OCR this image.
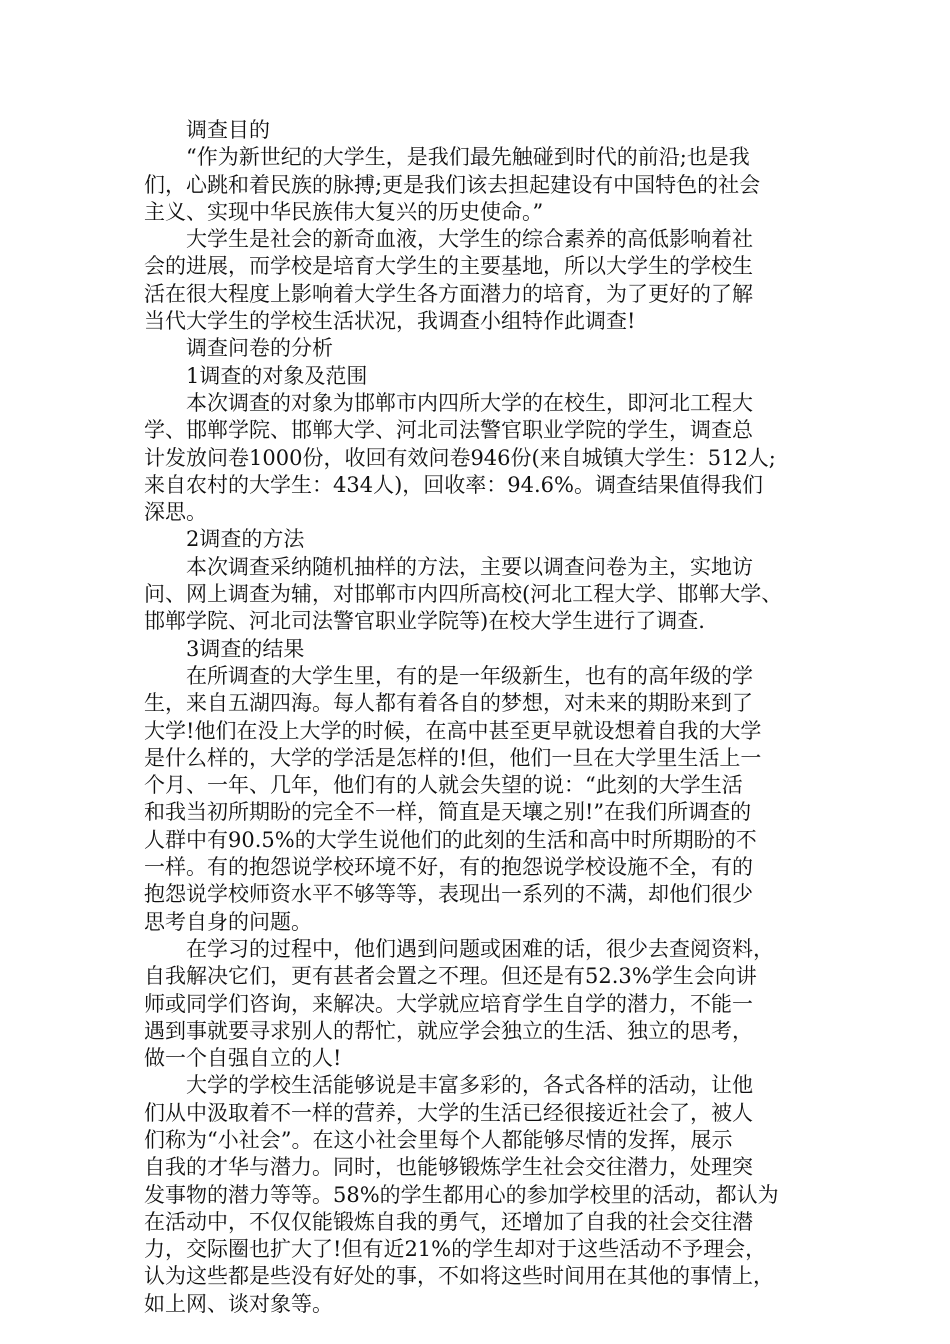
调查目的

“作为新世纪的大学生，是我们最先触碰到时代的前沿;也是我
们，心跳和着民族的脉搏;更是我们该去担起建设有中国特色的社会
主义、实现中华民族伟大复兴的历史使命。”

大学生是社会的新奇血液，大学生的综合素养的高低影响着社
会的进展，而学校是培育大学生的主要基地，所以大学生的学校生
活在很大程度上影响着大学生各方面潜力的培育，为了更好的了解
当代大学生的学校生活状况，我调查小组特作此调查!

调查问卷的分析

1调查的对象及范围

本次调查的对象为邯郸市内四所大学的在校生，即河北工程大
学、邯郸学院、邯郸大学、河北司法警官职业学院的学生，调查总
计发放问卷1000份，收回有效问卷946份(来自城镇大学生：512人;
来自农村的大学生：434人)，回收率：94.6%。调查结果值得我们
深思。

2调查的方法

本次调查采纳随机抽样的方法，主要以调查问卷为主，实地访
问、网上调查为辅，对邯郸市内四所高校(河北工程大学、邯郸大学、
邯郸学院、河北司法警官职业学院等)在校大学生进行了调查.

3调查的结果

在所调查的大学生里，有的是一年级新生，也有的高年级的学
生，来自五湖四海。每人都有着各自的梦想，对未来的期盼来到了
大学!他们在没上大学的时候，在高中甚至更早就设想着自我的大学
是什么样的，大学的学活是怎样的!但，他们一旦在大学里生活上一
个月、一年、几年，他们有的人就会失望的说：“此刻的大学生活
和我当初所期盼的完全不一样，简直是天壤之别!”在我们所调查的
人群中有90.5%的大学生说他们的此刻的生活和高中时所期盼的不
一样。有的抱怨说学校环境不好，有的抱怨说学校设施不全，有的
抱怨说学校师资水平不够等等，表现出一系列的不满，却他们很少
思考自身的问题。

在学习的过程中，他们遇到问题或困难的话，很少去查阅资料，
自我解决它们，更有甚者会置之不理。但还是有52.3%学生会向讲
师或同学们咨询，来解决。大学就应培育学生自学的潜力，不能一
遇到事就要寻求别人的帮忙，就应学会独立的生活、独立的思考，
做一个自强自立的人!

大学的学校生活能够说是丰富多彩的，各式各样的活动，让他
们从中汲取着不一样的营养，大学的生活已经很接近社会了，被人
们称为“小社会”。在这小社会里每个人都能够尽情的发挥，展示
自我的才华与潜力。同时，也能够锻炼学生社会交往潜力，处理突
发事物的潜力等等。58%的学生都用心的参加学校里的活动，都认为
在活动中，不仅仅能锻炼自我的勇气，还增加了自我的社会交往潜
力，交际圈也扩大了!但有近21%的学生却对于这些活动不予理会，
认为这些都是些没有好处的事，不如将这些时间用在其他的事情上，
如上网、谈对象等。
